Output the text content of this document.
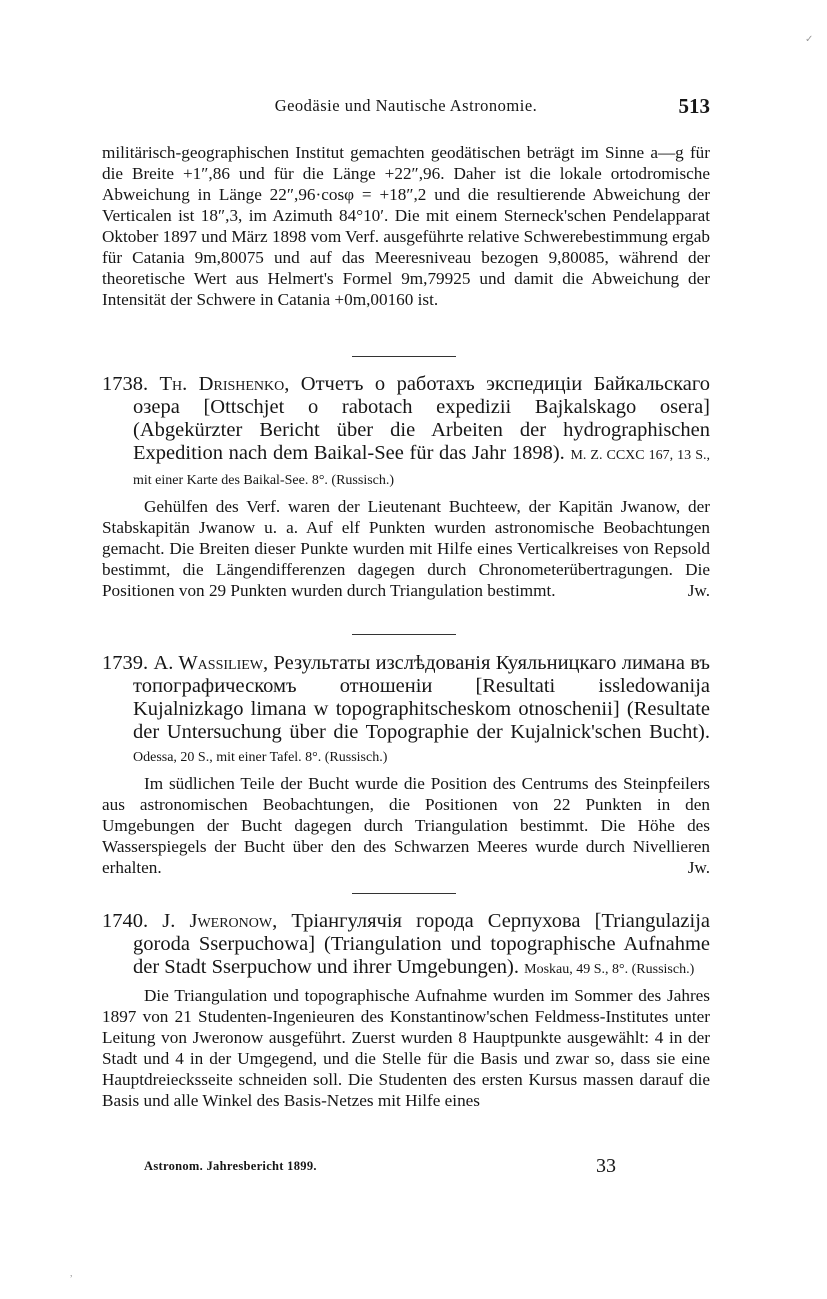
✓
Geodäsie und Nautische Astronomie.	513

militärisch-geographischen Institut gemachten geodätischen beträgt im Sinne a—g für die Breite +1″,86 und für die Länge +22″,96. Daher ist die lokale ortodromische Abweichung in Länge 22″,96·cosφ = +18″,2 und die resultierende Abweichung der Verticalen ist 18″,3, im Azimuth 84°10′. Die mit einem Sterneck'schen Pendelapparat Oktober 1897 und März 1898 vom Verf. ausgeführte relative Schwerebestimmung ergab für Catania 9m,80075 und auf das Meeresniveau bezogen 9,80085, während der theoretische Wert aus Helmert's Formel 9m,79925 und damit die Abweichung der Intensität der Schwere in Catania +0m,00160 ist.

1738. Th. Drishenko, Отчетъ о работахъ экспедиціи Байкальскаго озера [Ottschjet o rabotach expedizii Bajkalskago osera] (Abgekürzter Bericht über die Arbeiten der hydrographischen Expedition nach dem Baikal-See für das Jahr 1898). M. Z. CCXC 167, 13 S., mit einer Karte des Baikal-See. 8°. (Russisch.)

Gehülfen des Verf. waren der Lieutenant Buchteew, der Kapitän Jwanow, der Stabskapitän Jwanow u. a. Auf elf Punkten wurden astronomische Beobachtungen gemacht. Die Breiten dieser Punkte wurden mit Hilfe eines Verticalkreises von Repsold bestimmt, die Längendifferenzen dagegen durch Chronometerübertragungen. Die Positionen von 29 Punkten wurden durch Triangulation bestimmt.	Jw.

1739. A. Wassiliew, Результаты изслѣдованія Куяльницкаго лимана въ топографическомъ отношеніи [Resultati issledowanija Kujalnizkago limana w topographitscheskom otnoschenii] (Resultate der Untersuchung über die Topographie der Kujalnick'schen Bucht). Odessa, 20 S., mit einer Tafel. 8°. (Russisch.)

Im südlichen Teile der Bucht wurde die Position des Centrums des Steinpfeilers aus astronomischen Beobachtungen, die Positionen von 22 Punkten in den Umgebungen der Bucht dagegen durch Triangulation bestimmt. Die Höhe des Wasserspiegels der Bucht über den des Schwarzen Meeres wurde durch Nivellieren erhalten.	Jw.

1740. J. Jweronow, Тріангулячія города Серпухова [Triangulazija goroda Sserpuchowa] (Triangulation und topographische Aufnahme der Stadt Sserpuchow und ihrer Umgebungen). Moskau, 49 S., 8°. (Russisch.)

Die Triangulation und topographische Aufnahme wurden im Sommer des Jahres 1897 von 21 Studenten-Ingenieuren des Konstantinow'schen Feldmess-Institutes unter Leitung von Jweronow ausgeführt. Zuerst wurden 8 Hauptpunkte ausgewählt: 4 in der Stadt und 4 in der Umgegend, und die Stelle für die Basis und zwar so, dass sie eine Hauptdreiecksseite schneiden soll. Die Studenten des ersten Kursus massen darauf die Basis und alle Winkel des Basis-Netzes mit Hilfe eines

Astronom. Jahresbericht 1899.	33
,
